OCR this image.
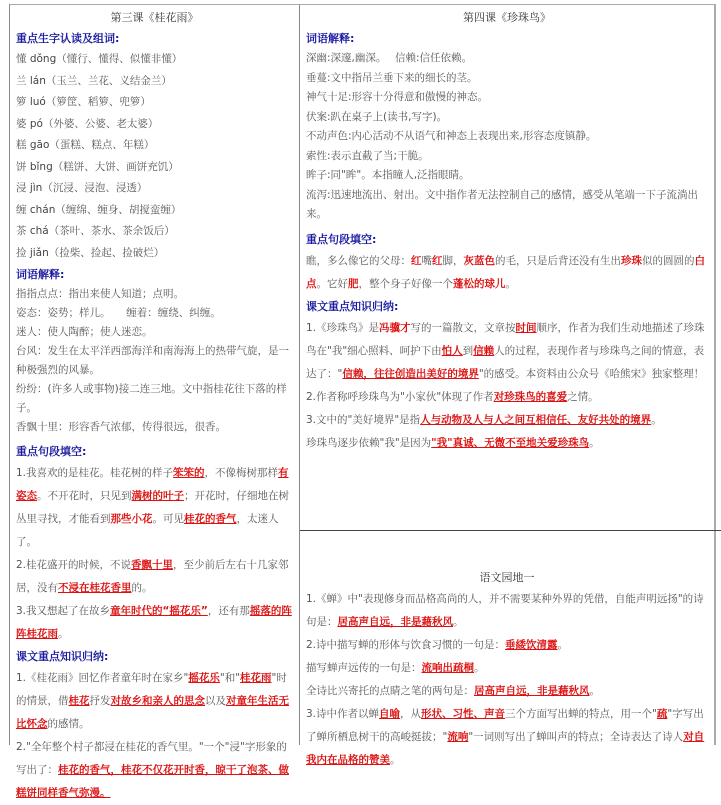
第三课《桂花雨》
重点生字认读及组词:
懂 dǒng（懂行、懂得、似懂非懂）
兰 lán（玉兰、兰花、义结金兰）
箩 luó（箩筐、稻箩、兜箩）
婆 pó（外婆、公婆、老太婆）
糕 gāo（蛋糕、糕点、年糕）
饼 bǐng（糕饼、大饼、画饼充饥）
浸 jìn（沉浸、浸泡、浸透）
缠 chán（缠绵、缠身、胡搅蛮缠）
茶 chá（茶叶、茶水、茶余饭后）
捡 jiǎn（捡柴、捡起、捡破烂）
词语解释:
指指点点：指出来使人知道；点明。
姿态：姿势；样儿。　　缠着：缠绕、纠缠。
迷人：使人陶醉；使人迷恋。
台风：发生在太平洋西部海洋和南海海上的热带气旋，是一种极强烈的风暴。
纷纷：(许多人或事物)接二连三地。文中指桂花往下落的样子。
香飘十里：形容香气浓郁，传得很远，很香。
重点句段填空:
1.我喜欢的是桂花。桂花树的样子笨笨的，不像梅树那样有姿态。不开花时，只见到满树的叶子；开花时，仔细地在树丛里寻找，才能看到那些小花。可见桂花的香气，太迷人了。
2.桂花盛开的时候，不说香飘十里，至少前后左右十几家邻居，没有不浸在桂花香里的。
3.我又想起了在故乡童年时代的“摇花乐”，还有那摇落的阵阵桂花雨。
课文重点知识归纳:
1.《桂花雨》回忆作者童年时在家乡"摇花乐"和"桂花雨"时的情景，借桂花抒发对故乡和亲人的思念以及对童年生活无比怀念的感情。
2."全年整个村子都浸在桂花的香气里。"一个"浸"字形象的写出了：桂花的香气，桂花不仅花开时香，晾干了泡茶、做糕饼同样香气弥漫。
第四课《珍珠鸟》
词语解释:
深幽:深邃,幽深。　 信赖:信任依赖。
垂蔓:文中指吊兰垂下来的细长的茎。
神气十足:形容十分得意和傲慢的神态。
伏案:趴在桌子上(读书,写字)。
不动声色:内心活动不从语气和神态上表现出来,形容态度镇静。
索性:表示直截了当;干脆。
眸子:同"眸"。本指瞳人,泛指眼睛。
流泻:迅速地流出、射出。文中指作者无法控制自己的感情，感受从笔端一下子流淌出来。
重点句段填空:
瞧，多么像它的父母：红嘴红脚，灰蓝色的毛，只是后背还没有生出珍珠似的圆圆的白点。它好肥，整个身子好像一个蓬松的球儿。
课文重点知识归纳:
1.《珍珠鸟》是冯骥才写的一篇散文，文章按时间顺序，作者为我们生动地描述了珍珠鸟在"我"细心照料、呵护下由怕人到信赖人的过程，表现作者与珍珠鸟之间的情意，表达了："信赖，往往创造出美好的境界"的感受。本资料由公众号《哈熊宋》独家整理！
2.作者称呼珍珠鸟为"小家伙"体现了作者对珍珠鸟的喜爱之情。
3.文中的"美好境界"是指人与动物及人与人之间互相信任、友好共处的境界。
珍珠鸟逐步依赖"我"是因为"我"真诚、无微不至地关爱珍珠鸟。
语文园地一
1.《蝉》中"表现修身而品格高尚的人，并不需要某种外界的凭借，自能声明远扬"的诗句是：居高声自远，非是藉秋风。
2.诗中描写蝉的形体与饮食习惯的一句是：垂緌饮清露。
描写蝉声远传的一句是：流响出疏桐。
全诗比兴寄托的点睛之笔的两句是：居高声自远，非是藉秋风。
3.诗中作者以蝉自喻，从形状、习性、声音三个方面写出蝉的特点，用一个"疏"字写出了蝉所栖息树干的高峻挺拔；"流响"一词则写出了蝉叫声的特点；全诗表达了诗人对自我内在品格的赞美。
